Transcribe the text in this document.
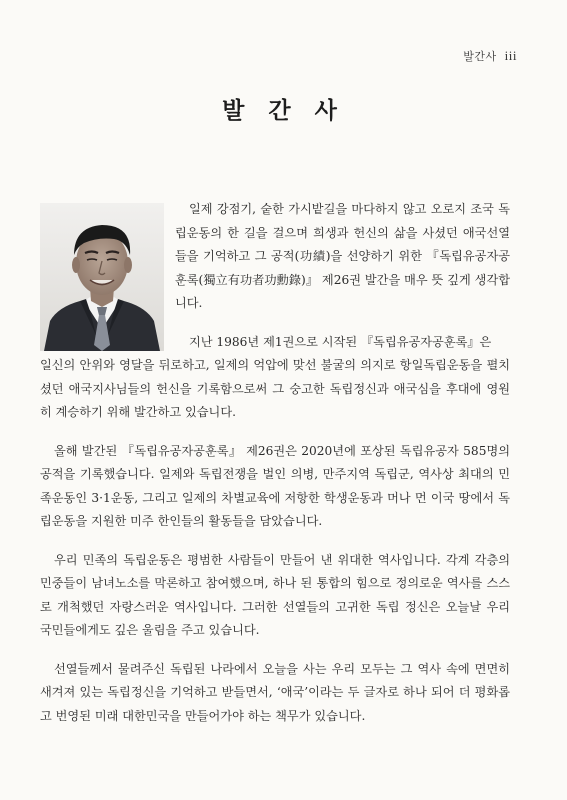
발간사 iii
발 간 사

일제 강점기, 숱한 가시밭길을 마다하지 않고 오로지 조국 독립운동의 한 길을 걸으며 희생과 헌신의 삶을 사셨던 애국선열들을 기억하고 그 공적(功績)을 선양하기 위한 『독립유공자공훈록(獨立有功者功勳錄)』 제26권 발간을 매우 뜻 깊게 생각합니다.

지난 1986년 제1권으로 시작된 『독립유공자공훈록』은

일신의 안위와 영달을 뒤로하고, 일제의 억압에 맞선 불굴의 의지로 항일독립운동을 펼치셨던 애국지사님들의 헌신을 기록함으로써 그 숭고한 독립정신과 애국심을 후대에 영원히 계승하기 위해 발간하고 있습니다.

올해 발간된 『독립유공자공훈록』 제26권은 2020년에 포상된 독립유공자 585명의 공적을 기록했습니다. 일제와 독립전쟁을 벌인 의병, 만주지역 독립군, 역사상 최대의 민족운동인 3·1운동, 그리고 일제의 차별교육에 저항한 학생운동과 머나 먼 이국 땅에서 독립운동을 지원한 미주 한인들의 활동들을 담았습니다.

우리 민족의 독립운동은 평범한 사람들이 만들어 낸 위대한 역사입니다. 각계 각층의 민중들이 남녀노소를 막론하고 참여했으며, 하나 된 통합의 힘으로 정의로운 역사를 스스로 개척했던 자랑스러운 역사입니다. 그러한 선열들의 고귀한 독립 정신은 오늘날 우리 국민들에게도 깊은 울림을 주고 있습니다.

선열들께서 물려주신 독립된 나라에서 오늘을 사는 우리 모두는 그 역사 속에 면면히 새겨져 있는 독립정신을 기억하고 받들면서, ‘애국’이라는 두 글자로 하나 되어 더 평화롭고 번영된 미래 대한민국을 만들어가야 하는 책무가 있습니다.
